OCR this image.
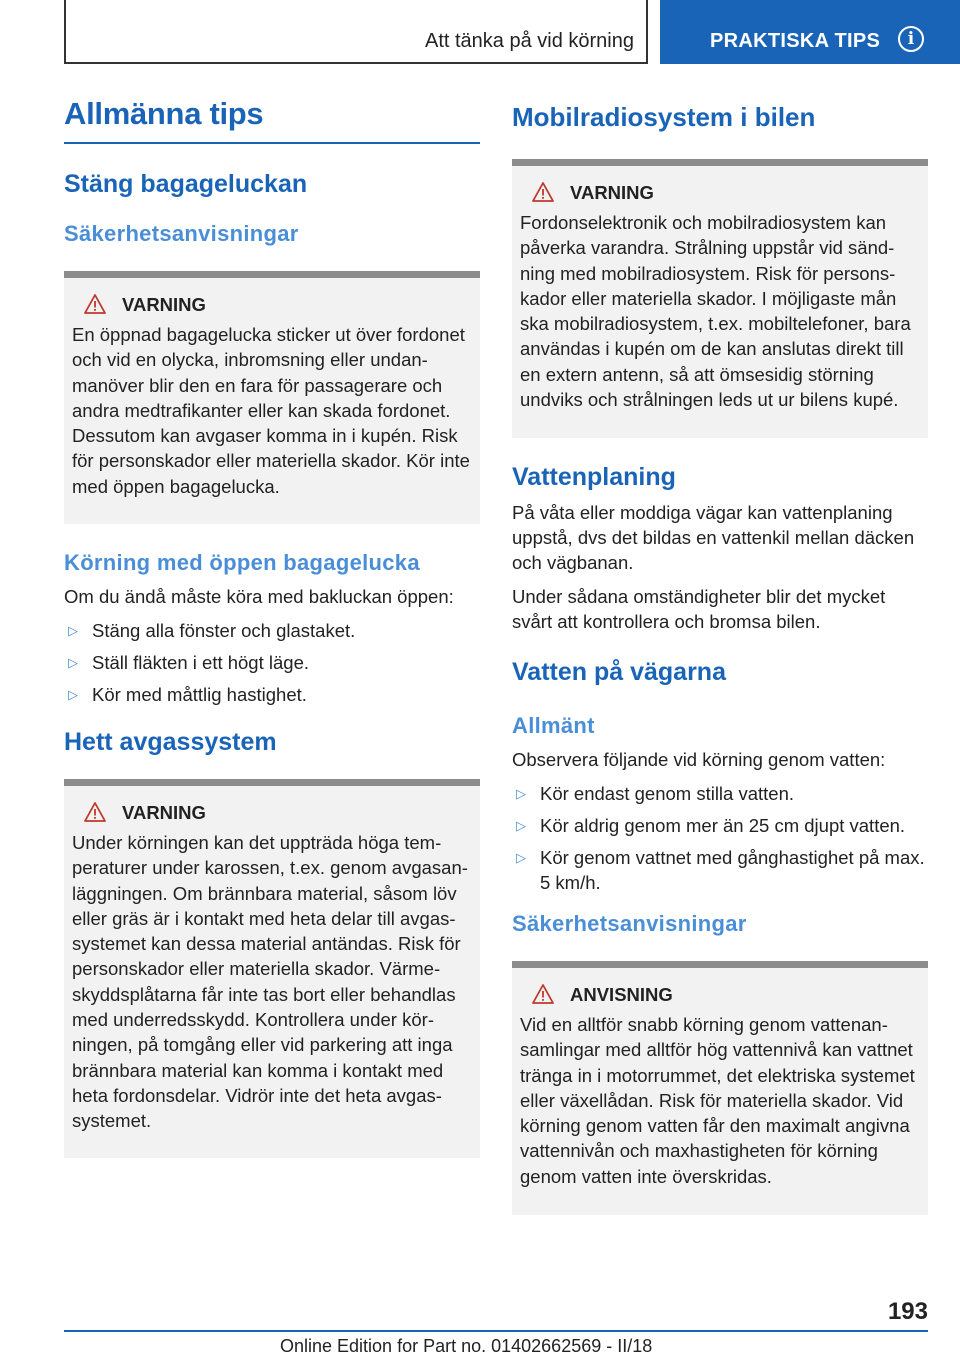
Att tänka på vid körning	PRAKTISKA TIPS	i
Allmänna tips
Stäng bagageluckan
Säkerhetsanvisningar
VARNING
En öppnad bagagelucka sticker ut över fordonet och vid en olycka, inbromsning eller undanmanöver blir den en fara för passagerare och andra medtrafikanter eller kan skada fordonet. Dessutom kan avgaser komma in i kupén. Risk för personskador eller materiella skador. Kör inte med öppen bagagelucka.
Körning med öppen bagagelucka

Om du ändå måste köra med bakluckan öppen:

▷ Stäng alla fönster och glastaket.
▷ Ställ fläkten i ett högt läge.
▷ Kör med måttlig hastighet.
Hett avgassystem
VARNING
Under körningen kan det uppträda höga temperaturer under karossen, t.ex. genom avgasanläggningen. Om brännbara material, såsom löv eller gräs är i kontakt med heta delar till avgassystemet kan dessa material antändas. Risk för personskador eller materiella skador. Värmeskyddsplåtarna får inte tas bort eller behandlas med underredsskydd. Kontrollera under körningen, på tomgång eller vid parkering att inga brännbara material kan komma i kontakt med heta fordonsdelar. Vidrör inte det heta avgassystemet.
Mobilradiosystem i bilen
VARNING
Fordonselektronik och mobilradiosystem kan påverka varandra. Strålning uppstår vid sändning med mobilradiosystem. Risk för personskador eller materiella skador. I möjligaste mån ska mobilradiosystem, t.ex. mobiltelefoner, bara användas i kupén om de kan anslutas direkt till en extern antenn, så att ömsesidig störning undviks och strålningen leds ut ur bilens kupé.
Vattenplaning

På våta eller moddiga vägar kan vattenplaning uppstå, dvs det bildas en vattenkil mellan däcken och vägbanan.

Under sådana omständigheter blir det mycket svårt att kontrollera och bromsa bilen.

Vatten på vägarna
Allmänt

Observera följande vid körning genom vatten:

▷ Kör endast genom stilla vatten.
▷ Kör aldrig genom mer än 25 cm djupt vatten.
▷ Kör genom vattnet med gånghastighet på max. 5 km/h.
Säkerhetsanvisningar
ANVISNING
Vid en alltför snabb körning genom vattenansamlingar med alltför hög vattennivå kan vattnet tränga in i motorrummet, det elektriska systemet eller växellådan. Risk för materiella skador. Vid körning genom vatten får den maximalt angivna vattennivån och maxhastigheten för körning genom vatten inte överskridas.
193
Online Edition for Part no. 01402662569 - II/18
